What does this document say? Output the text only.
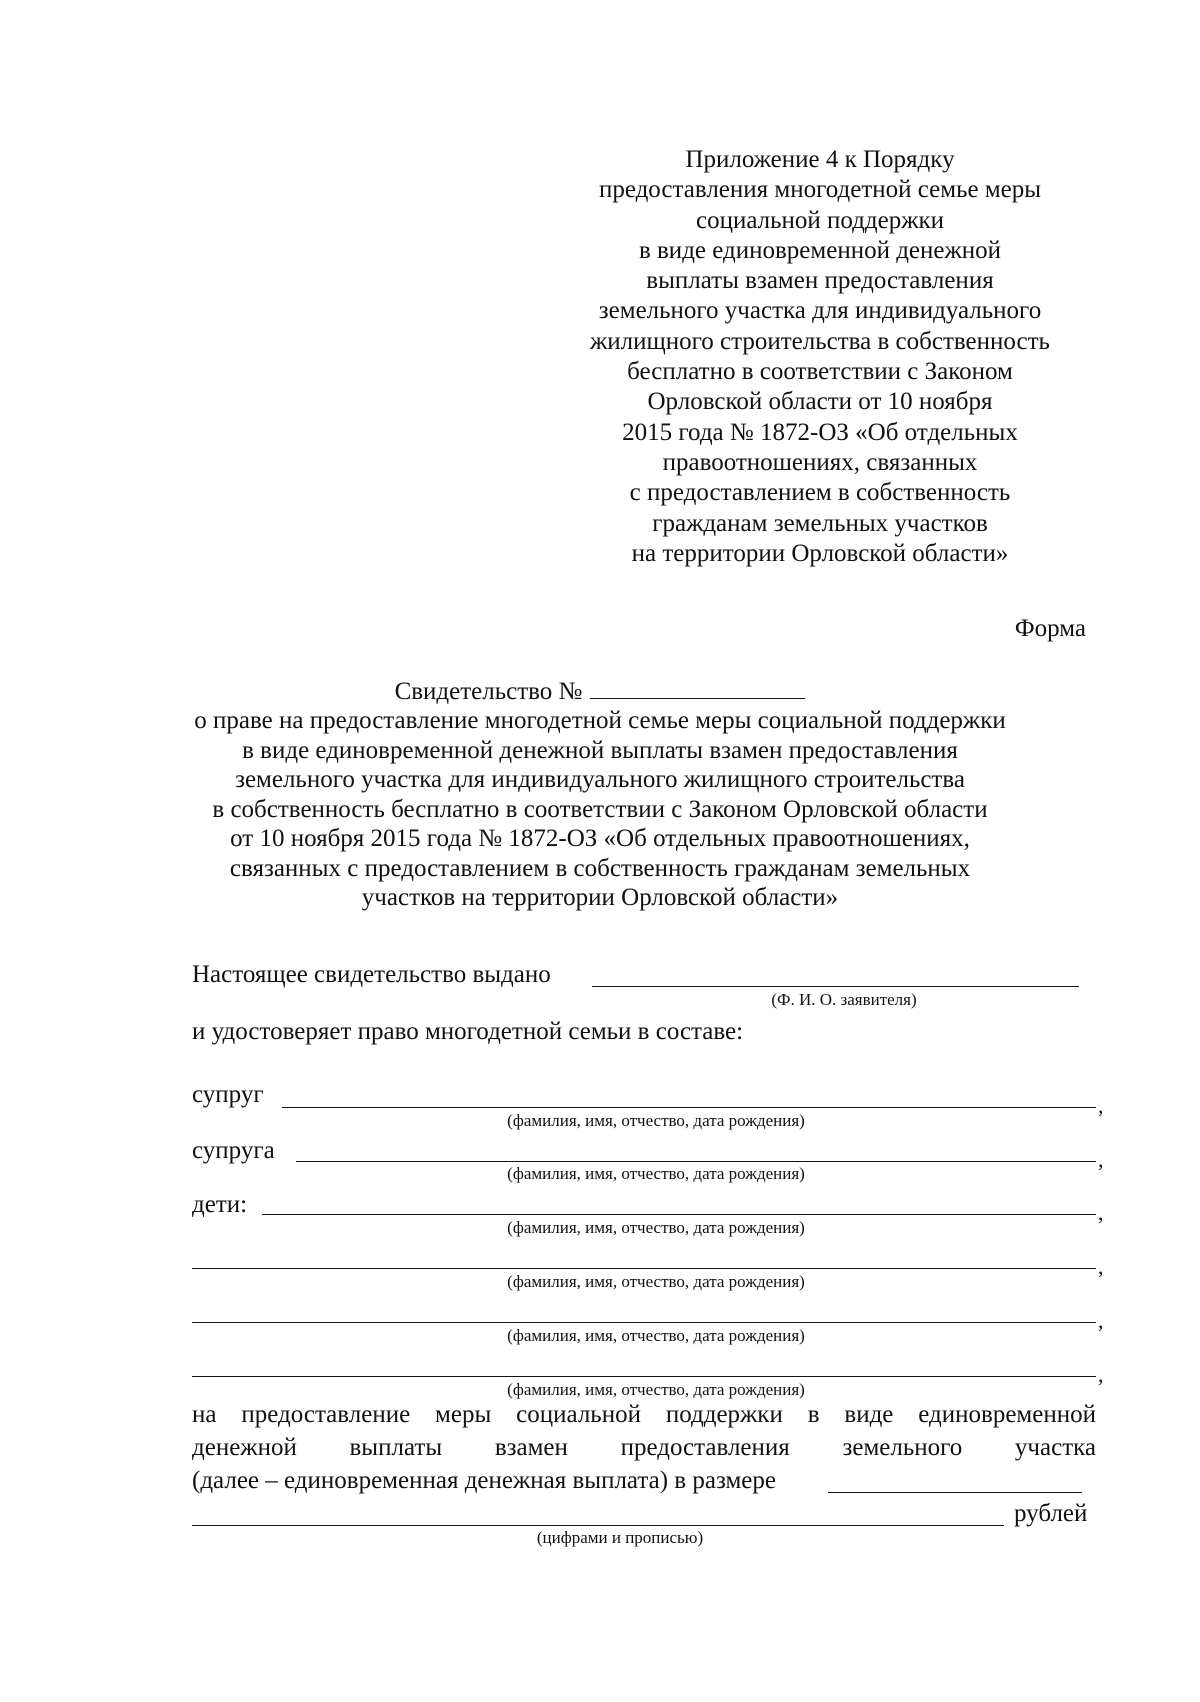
Приложение 4 к Порядку
предоставления многодетной семье меры
социальной поддержки
в виде единовременной денежной
выплаты взамен предоставления
земельного участка для индивидуального
жилищного строительства в собственность
бесплатно в соответствии с Законом
Орловской области от 10 ноября
2015 года № 1872-ОЗ «Об отдельных
правоотношениях, связанных
с предоставлением в собственность
гражданам земельных участков
на территории Орловской области»
Форма
Свидетельство №
о праве на предоставление многодетной семье меры социальной поддержки
в виде единовременной денежной выплаты взамен предоставления
земельного участка для индивидуального жилищного строительства
в собственность бесплатно в соответствии с Законом Орловской области
от 10 ноября 2015 года № 1872-ОЗ «Об отдельных правоотношениях,
связанных с предоставлением в собственность гражданам земельных
участков на территории Орловской области»
Настоящее свидетельство выдано
(Ф. И. О. заявителя)
и удостоверяет право многодетной семьи в составе:
супруг	,
(фамилия, имя, отчество, дата рождения)
супруга	,
(фамилия, имя, отчество, дата рождения)
дети:	,
(фамилия, имя, отчество, дата рождения)
,
(фамилия, имя, отчество, дата рождения)
,
(фамилия, имя, отчество, дата рождения)
,
(фамилия, имя, отчество, дата рождения)
на предоставление меры социальной поддержки в виде единовременной
денежной выплаты взамен предоставления земельного участка
(далее – единовременная денежная выплата) в размере
рублей
(цифрами и прописью)
